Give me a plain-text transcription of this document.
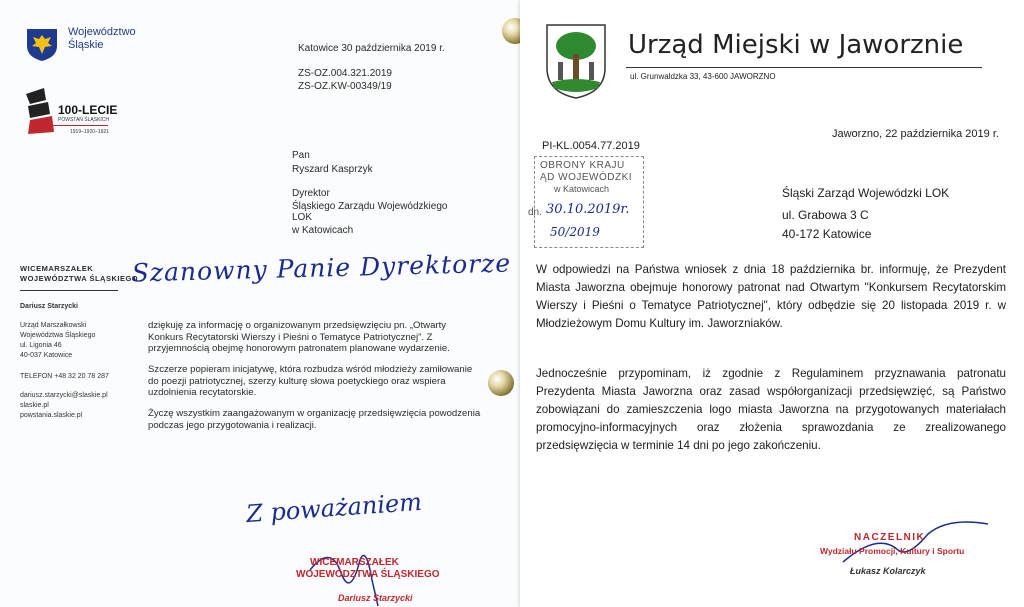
Województwo
Śląskie
100-LECIE
POWSTAŃ ŚLĄSKICH
1919–1920–1921
Katowice 30 października 2019 r.
ZS-OZ.004.321.2019
ZS-OZ.KW-00349/19
Pan
Ryszard Kasprzyk
Dyrektor
Śląskiego Zarządu Wojewódzkiego
LOK
w Katowicach
WICEMARSZAŁEK
WOJEWÓDZTWA ŚLĄSKIEGO
Dariusz Starzycki
Urząd Marszałkowski
Województwa Śląskiego
ul. Ligonia 46
40-037 Katowice
TELEFON +48 32 20 78 287
dariusz.starzycki@slaskie.pl
slaskie.pl
powstania.slaskie.pl
Szanowny Panie Dyrektorze
dziękuję za informację o organizowanym przedsięwzięciu pn. „Otwarty Konkurs Recytatorski Wierszy i Pieśni o Tematyce Patriotycznej”. Z przyjemnością obejmę honorowym patronatem planowane wydarzenie.
Szczerze popieram inicjatywę, która rozbudza wśród młodzieży zamiłowanie do poezji patriotycznej, szerzy kulturę słowa poetyckiego oraz wspiera uzdolnienia recytatorskie.
Życzę wszystkim zaangażowanym w organizację przedsięwzięcia powodzenia podczas jego przygotowania i realizacji.
Z poważaniem
WICEMARSZAŁEK
WOJEWÓDZTWA ŚLĄSKIEGO
Dariusz Starzycki
Urząd Miejski w Jaworznie
ul. Grunwaldzka 33, 43-600 JAWORZNO
Jaworzno, 22 października 2019 r.
PI-KL.0054.77.2019
OBRONY KRAJU
ĄD WOJEWÓDZKI
w Katowicach
dn. 30.10.2019r.
50/2019
Śląski Zarząd Wojewódzki LOK
ul. Grabowa 3 C
40-172 Katowice
W odpowiedzi na Państwa wniosek z dnia 18 października br. informuję, że Prezydent Miasta Jaworzna obejmuje honorowy patronat nad Otwartym "Konkursem Recytatorskim Wierszy i Pieśni o Tematyce Patriotycznej", który odbędzie się 20 listopada 2019 r. w Młodzieżowym Domu Kultury im. Jaworzniaków.
Jednocześnie przypominam, iż zgodnie z Regulaminem przyznawania patronatu Prezydenta Miasta Jaworzna oraz zasad współorganizacji przedsięwzięć, są Państwo zobowiązani do zamieszczenia logo miasta Jaworzna na przygotowanych materiałach promocyjno-informacyjnych oraz złożenia sprawozdania ze zrealizowanego przedsięwzięcia w terminie 14 dni po jego zakończeniu.
NACZELNIK
Wydziału Promocji, Kultury i Sportu
Łukasz Kolarczyk
